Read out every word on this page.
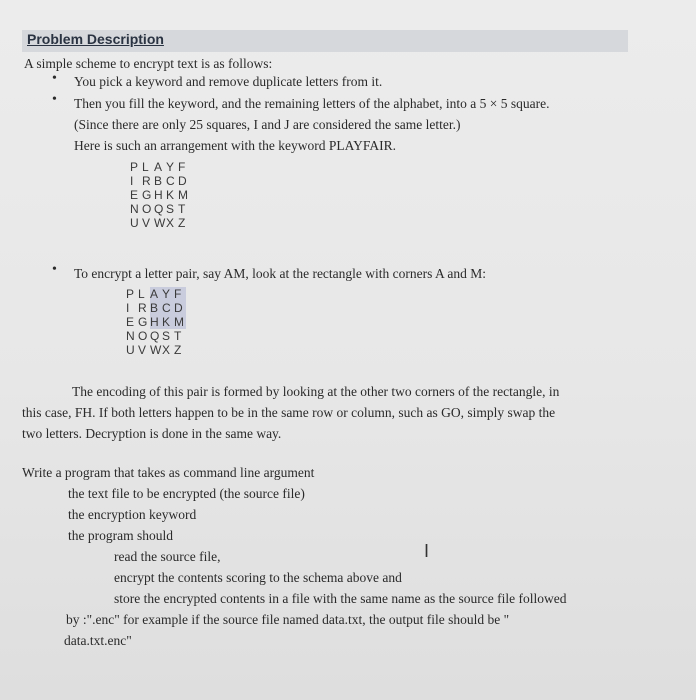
Problem Description
A simple scheme to encrypt text is as follows:
• You pick a keyword and remove duplicate letters from it.
• Then you fill the keyword, and the remaining letters of the alphabet, into a 5 × 5 square.
(Since there are only 25 squares, I and J are considered the same letter.)
Here is such an arrangement with the keyword PLAYFAIR.
P L A Y F
I R B C D
E G H K M
N O Q S T
U V W X Z
• To encrypt a letter pair, say AM, look at the rectangle with corners A and M:
P L A Y F
I R B C D
E G H K M
N O Q S T
U V W X Z
The encoding of this pair is formed by looking at the other two corners of the rectangle, in
this case, FH. If both letters happen to be in the same row or column, such as GO, simply swap the
two letters. Decryption is done in the same way.
Write a program that takes as command line argument
the text file to be encrypted (the source file)
the encryption keyword
the program should
read the source file,	I
encrypt the contents scoring to the schema above and
store the encrypted contents in a file with the same name as the source file followed
by :".enc" for example if the source file named data.txt, the output file should be "
data.txt.enc"
